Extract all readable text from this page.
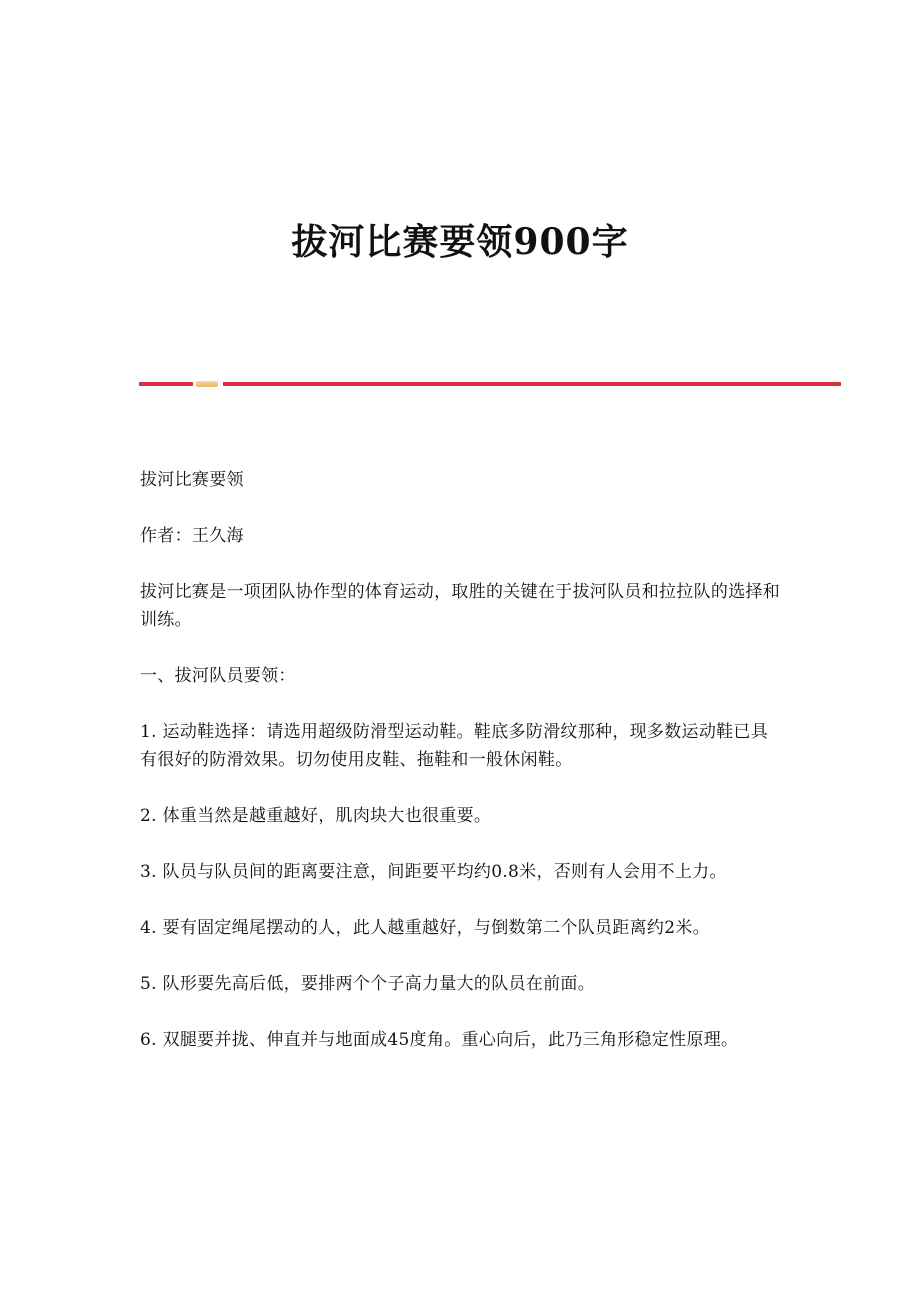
拔河比赛要领900字

拔河比赛要领

作者：王久海

拔河比赛是一项团队协作型的体育运动，取胜的关键在于拔河队员和拉拉队的选择和训练。

一、拔河队员要领：

1. 运动鞋选择：请选用超级防滑型运动鞋。鞋底多防滑纹那种，现多数运动鞋已具有很好的防滑效果。切勿使用皮鞋、拖鞋和一般休闲鞋。

2. 体重当然是越重越好，肌肉块大也很重要。

3. 队员与队员间的距离要注意，间距要平均约0.8米，否则有人会用不上力。

4. 要有固定绳尾摆动的人，此人越重越好，与倒数第二个队员距离约2米。

5. 队形要先高后低，要排两个个子高力量大的队员在前面。

6. 双腿要并拢、伸直并与地面成45度角。重心向后，此乃三角形稳定性原理。
